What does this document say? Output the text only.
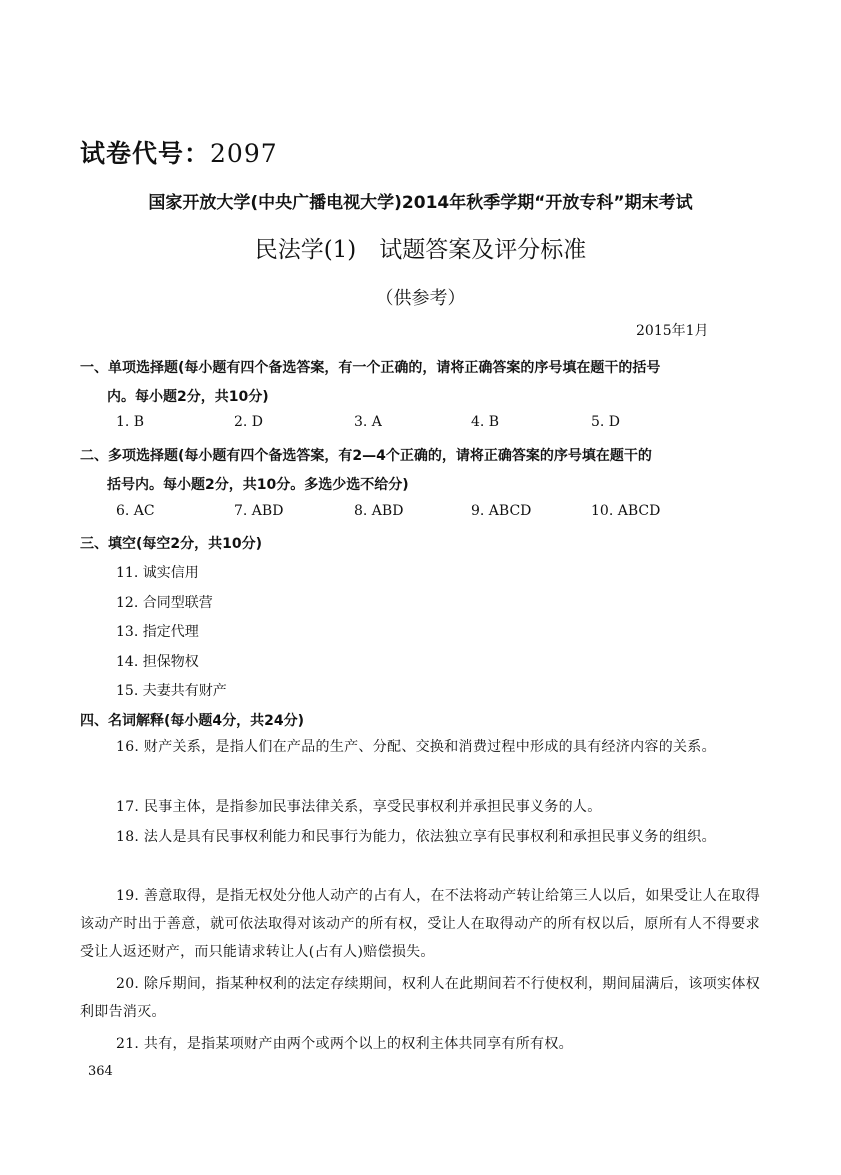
试卷代号：2097
国家开放大学(中央广播电视大学)2014年秋季学期“开放专科”期末考试
民法学(1)　试题答案及评分标准
（供参考）
2015年1月
一、单项选择题(每小题有四个备选答案，有一个正确的，请将正确答案的序号填在题干的括号
内。每小题2分，共10分)
1. B	2. D	3. A	4. B	5. D
二、多项选择题(每小题有四个备选答案，有2—4个正确的，请将正确答案的序号填在题干的
括号内。每小题2分，共10分。多选少选不给分)
6. AC	7. ABD	8. ABD	9. ABCD	10. ABCD
三、填空(每空2分，共10分)
11. 诚实信用
12. 合同型联营
13. 指定代理
14. 担保物权
15. 夫妻共有财产
四、名词解释(每小题4分，共24分)
16. 财产关系，是指人们在产品的生产、分配、交换和消费过程中形成的具有经济内容的关系。
17. 民事主体，是指参加民事法律关系，享受民事权利并承担民事义务的人。
18. 法人是具有民事权利能力和民事行为能力，依法独立享有民事权利和承担民事义务的组织。
19. 善意取得，是指无权处分他人动产的占有人，在不法将动产转让给第三人以后，如果受让人在取得该动产时出于善意，就可依法取得对该动产的所有权，受让人在取得动产的所有权以后，原所有人不得要求受让人返还财产，而只能请求转让人(占有人)赔偿损失。
20. 除斥期间，指某种权利的法定存续期间，权利人在此期间若不行使权利，期间届满后，该项实体权利即告消灭。
21. 共有，是指某项财产由两个或两个以上的权利主体共同享有所有权。
364
